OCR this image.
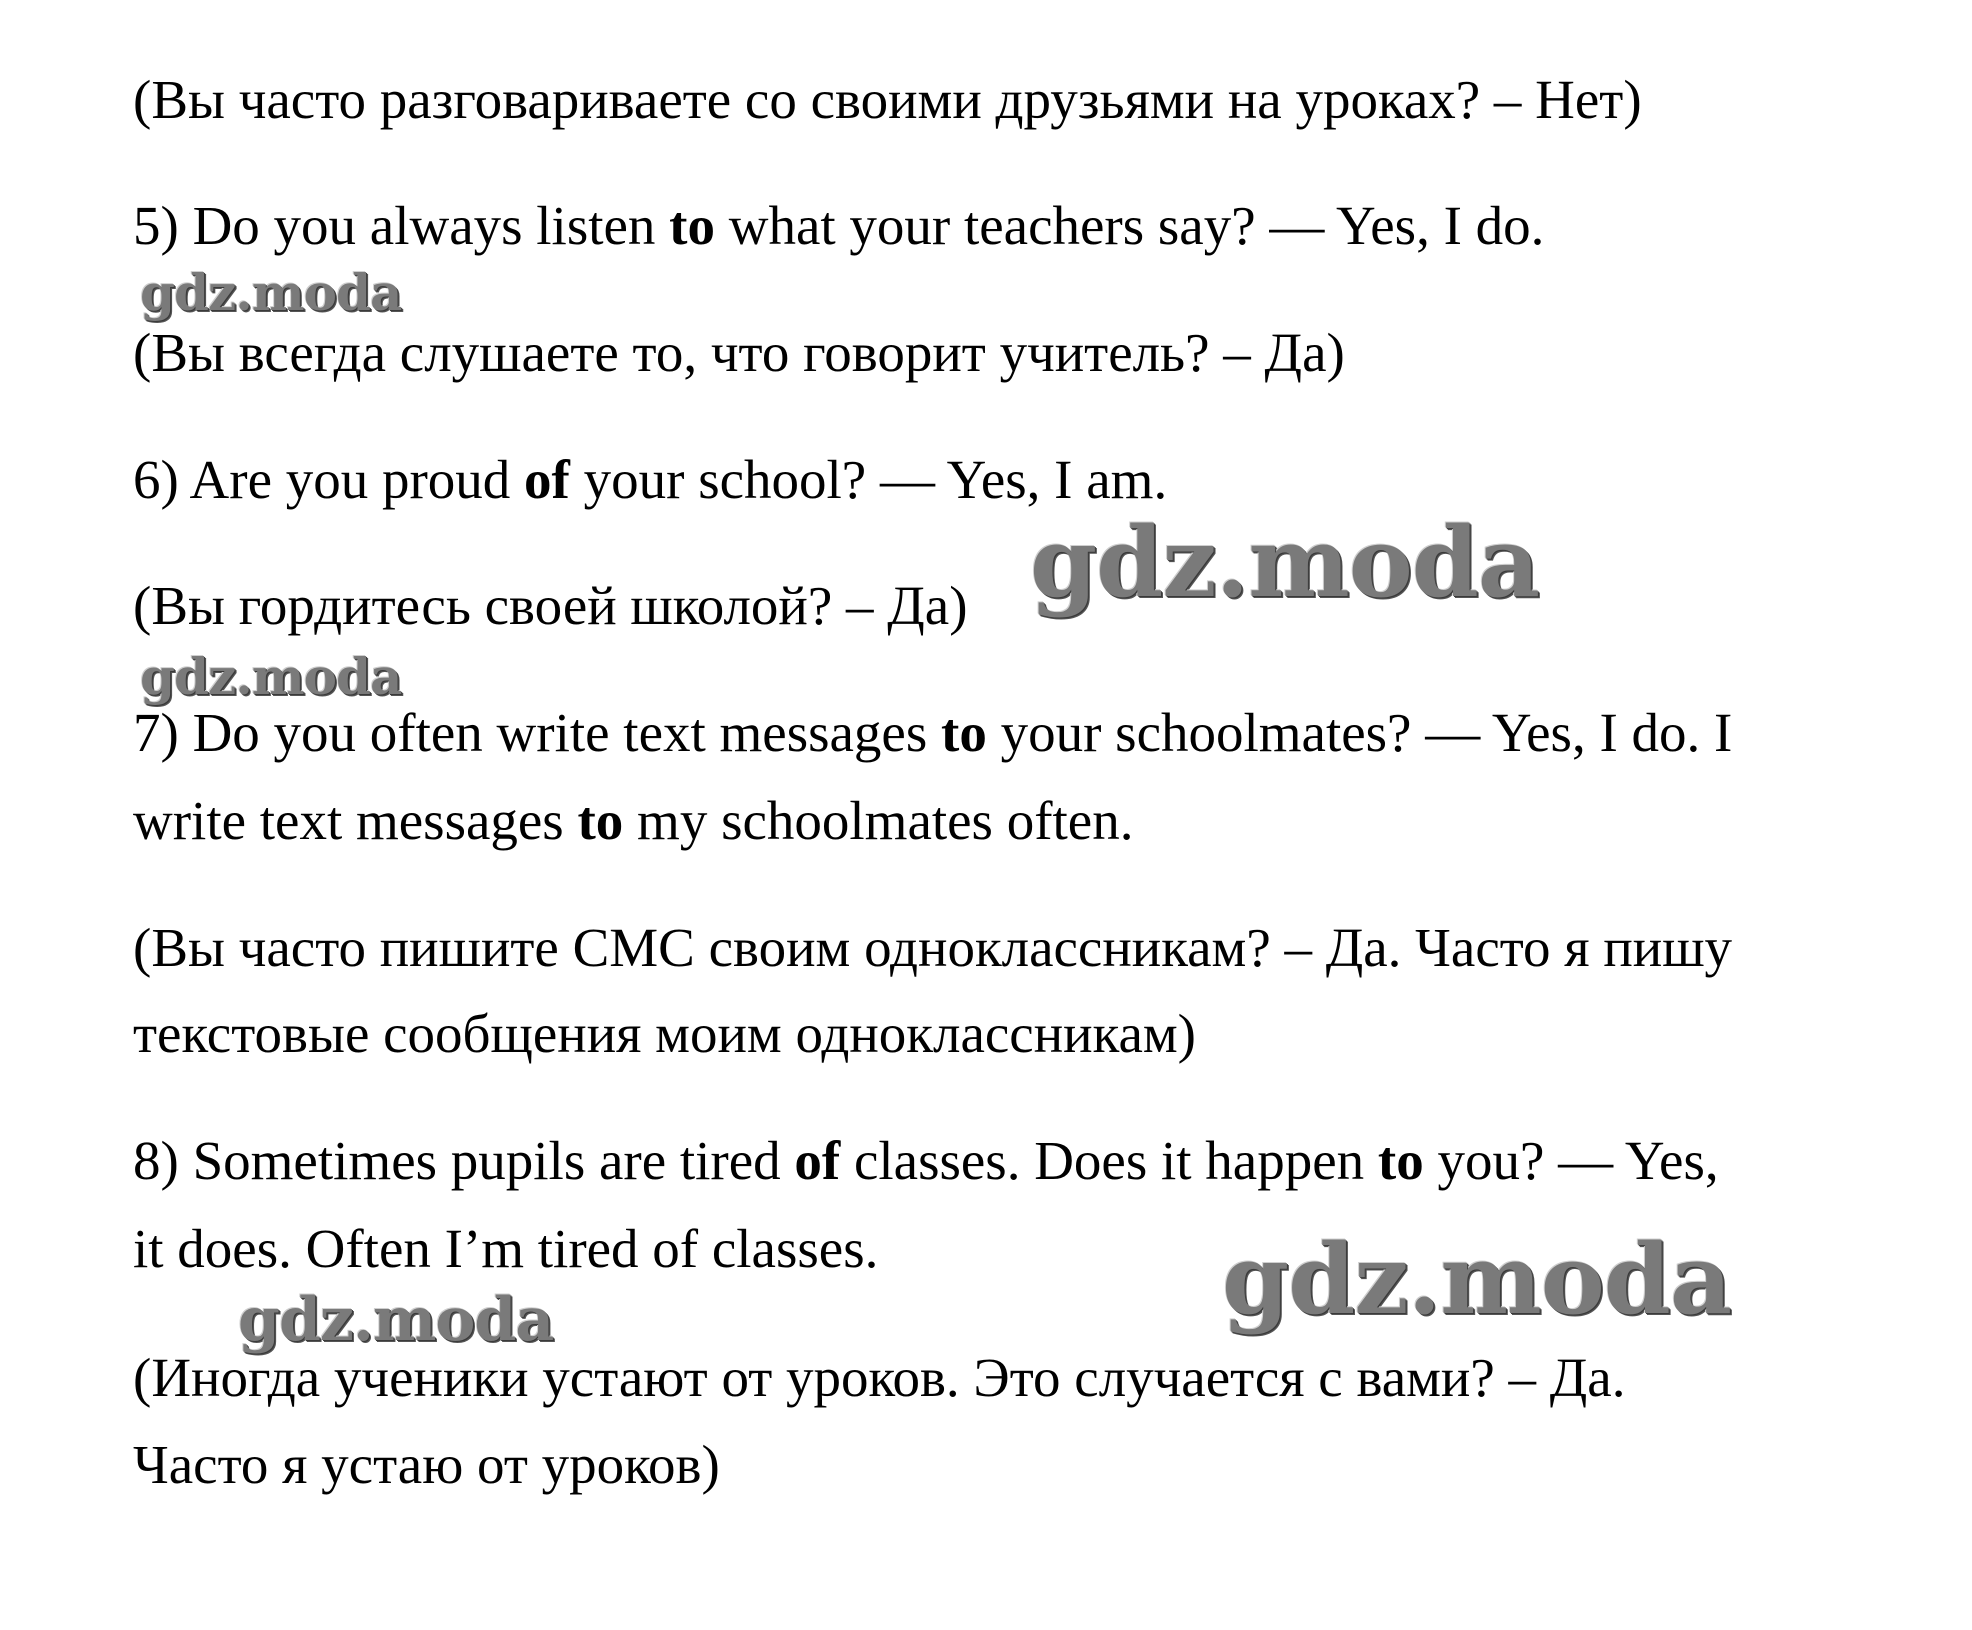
(Вы часто разговариваете со своими друзьями на уроках? – Нет)
5) Do you always listen to what your teachers say? — Yes, I do.
(Вы всегда слушаете то, что говорит учитель? – Да)
6) Are you proud of your school? — Yes, I am.
(Вы гордитесь своей школой? – Да)
7) Do you often write text messages to your schoolmates? — Yes, I do. I
write text messages to my schoolmates often.
(Вы часто пишите СМС своим одноклассникам? – Да. Часто я пишу
текстовые сообщения моим одноклассникам)
8) Sometimes pupils are tired of classes. Does it happen to you? — Yes,
it does. Often I’m tired of classes.
(Иногда ученики устают от уроков. Это случается с вами? – Да.
Часто я устаю от уроков)
gdz.moda
gdz.moda
gdz.moda
gdz.moda	gdz.moda
